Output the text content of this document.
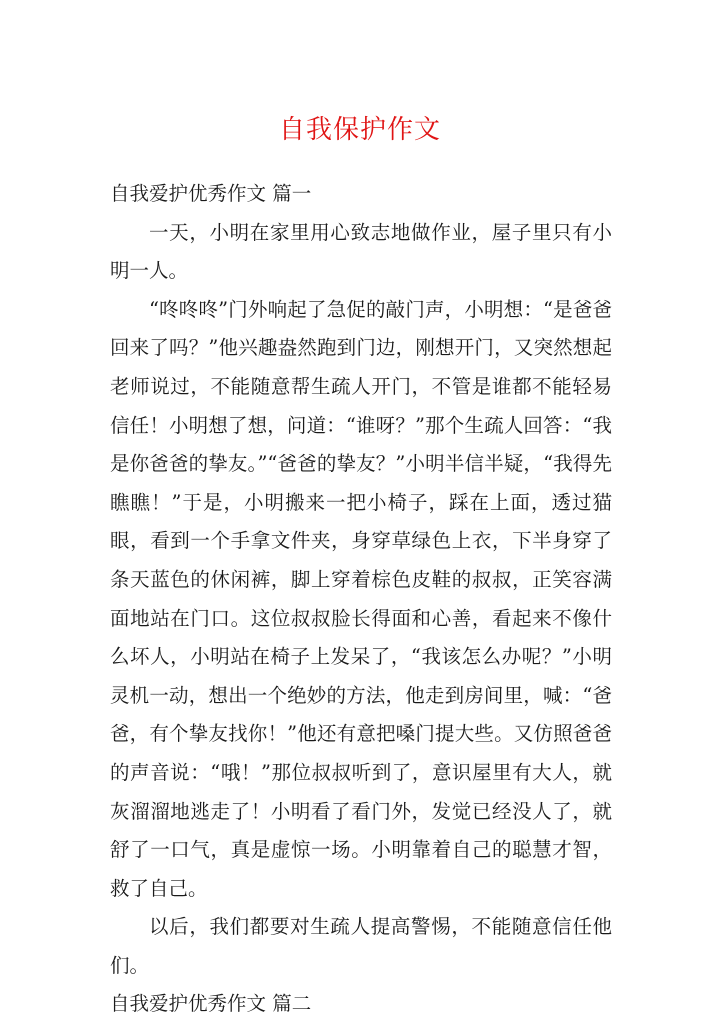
自我保护作文

自我爱护优秀作文 篇一

一天，小明在家里用心致志地做作业，屋子里只有小明一人。

“咚咚咚”门外响起了急促的敲门声，小明想：“是爸爸回来了吗？”他兴趣盎然跑到门边，刚想开门，又突然想起老师说过，不能随意帮生疏人开门，不管是谁都不能轻易信任！小明想了想，问道：“谁呀？”那个生疏人回答：“我是你爸爸的挚友。”“爸爸的挚友？”小明半信半疑，“我得先瞧瞧！”于是，小明搬来一把小椅子，踩在上面，透过猫眼，看到一个手拿文件夹，身穿草绿色上衣，下半身穿了条天蓝色的休闲裤，脚上穿着棕色皮鞋的叔叔，正笑容满面地站在门口。这位叔叔脸长得面和心善，看起来不像什么坏人，小明站在椅子上发呆了，“我该怎么办呢？”小明灵机一动，想出一个绝妙的方法，他走到房间里，喊：“爸爸，有个挚友找你！”他还有意把嗓门提大些。又仿照爸爸的声音说：“哦！”那位叔叔听到了，意识屋里有大人，就灰溜溜地逃走了！小明看了看门外，发觉已经没人了，就舒了一口气，真是虚惊一场。小明靠着自己的聪慧才智，救了自己。

以后，我们都要对生疏人提高警惕，不能随意信任他们。

自我爱护优秀作文 篇二
